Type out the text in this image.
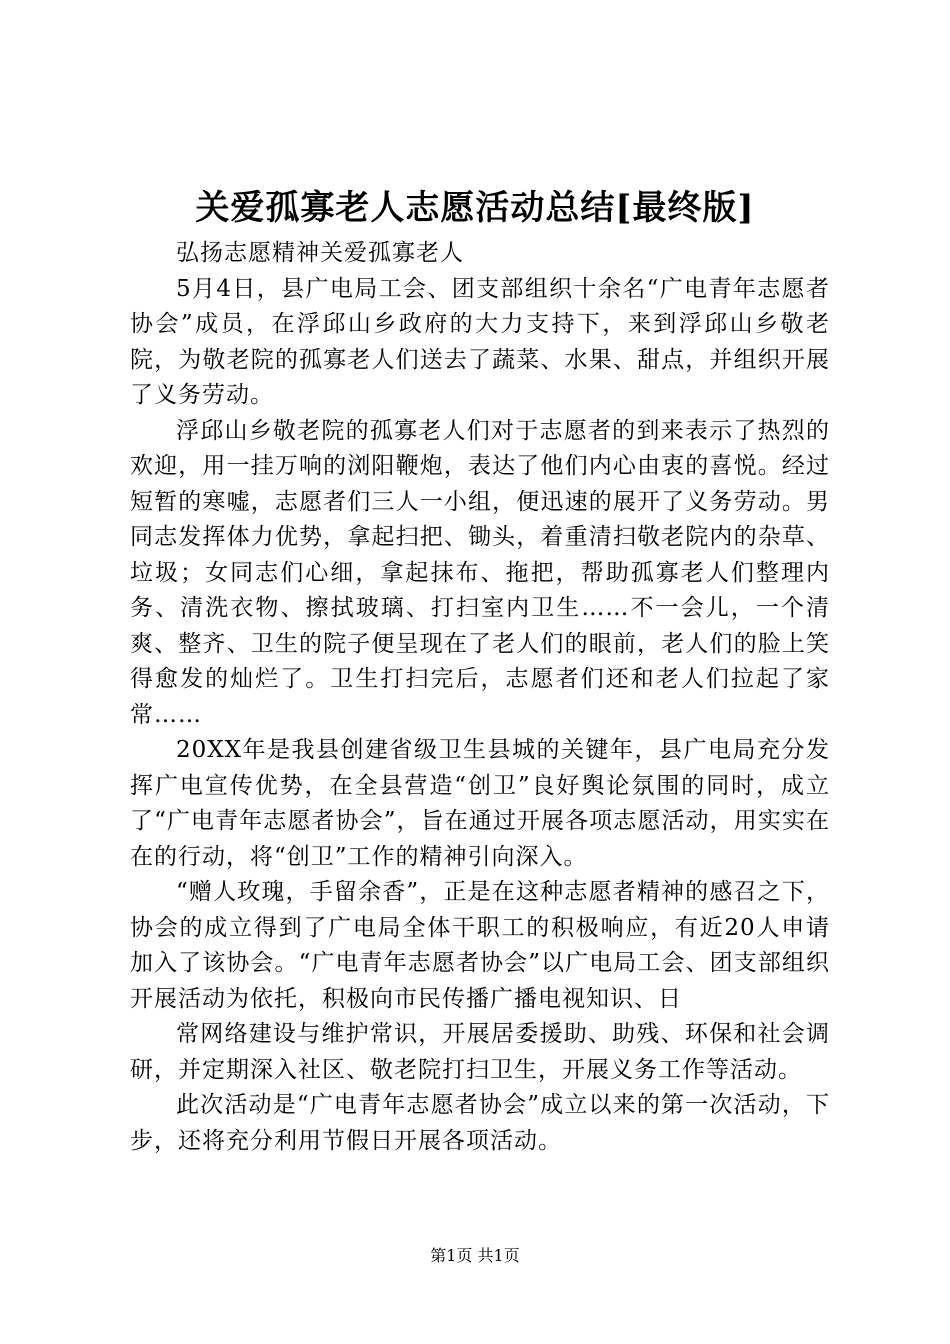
关爱孤寡老人志愿活动总结[最终版]

弘扬志愿精神关爱孤寡老人

5月4日，县广电局工会、团支部组织十余名“广电青年志愿者协会”成员，在浮邱山乡政府的大力支持下，来到浮邱山乡敬老院，为敬老院的孤寡老人们送去了蔬菜、水果、甜点，并组织开展了义务劳动。

浮邱山乡敬老院的孤寡老人们对于志愿者的到来表示了热烈的欢迎，用一挂万响的浏阳鞭炮，表达了他们内心由衷的喜悦。经过短暂的寒嘘，志愿者们三人一小组，便迅速的展开了义务劳动。男同志发挥体力优势，拿起扫把、锄头，着重清扫敬老院内的杂草、垃圾；女同志们心细，拿起抹布、拖把，帮助孤寡老人们整理内务、清洗衣物、擦拭玻璃、打扫室内卫生……不一会儿，一个清爽、整齐、卫生的院子便呈现在了老人们的眼前，老人们的脸上笑得愈发的灿烂了。卫生打扫完后，志愿者们还和老人们拉起了家常……

20XX年是我县创建省级卫生县城的关键年，县广电局充分发挥广电宣传优势，在全县营造“创卫”良好舆论氛围的同时，成立了“广电青年志愿者协会”，旨在通过开展各项志愿活动，用实实在在的行动，将“创卫”工作的精神引向深入。

“赠人玫瑰，手留余香”，正是在这种志愿者精神的感召之下，协会的成立得到了广电局全体干职工的积极响应，有近20人申请加入了该协会。“广电青年志愿者协会”以广电局工会、团支部组织开展活动为依托，积极向市民传播广播电视知识、日

常网络建设与维护常识，开展居委援助、助残、环保和社会调研，并定期深入社区、敬老院打扫卫生，开展义务工作等活动。

此次活动是“广电青年志愿者协会”成立以来的第一次活动，下步，还将充分利用节假日开展各项活动。

第1页 共1页
